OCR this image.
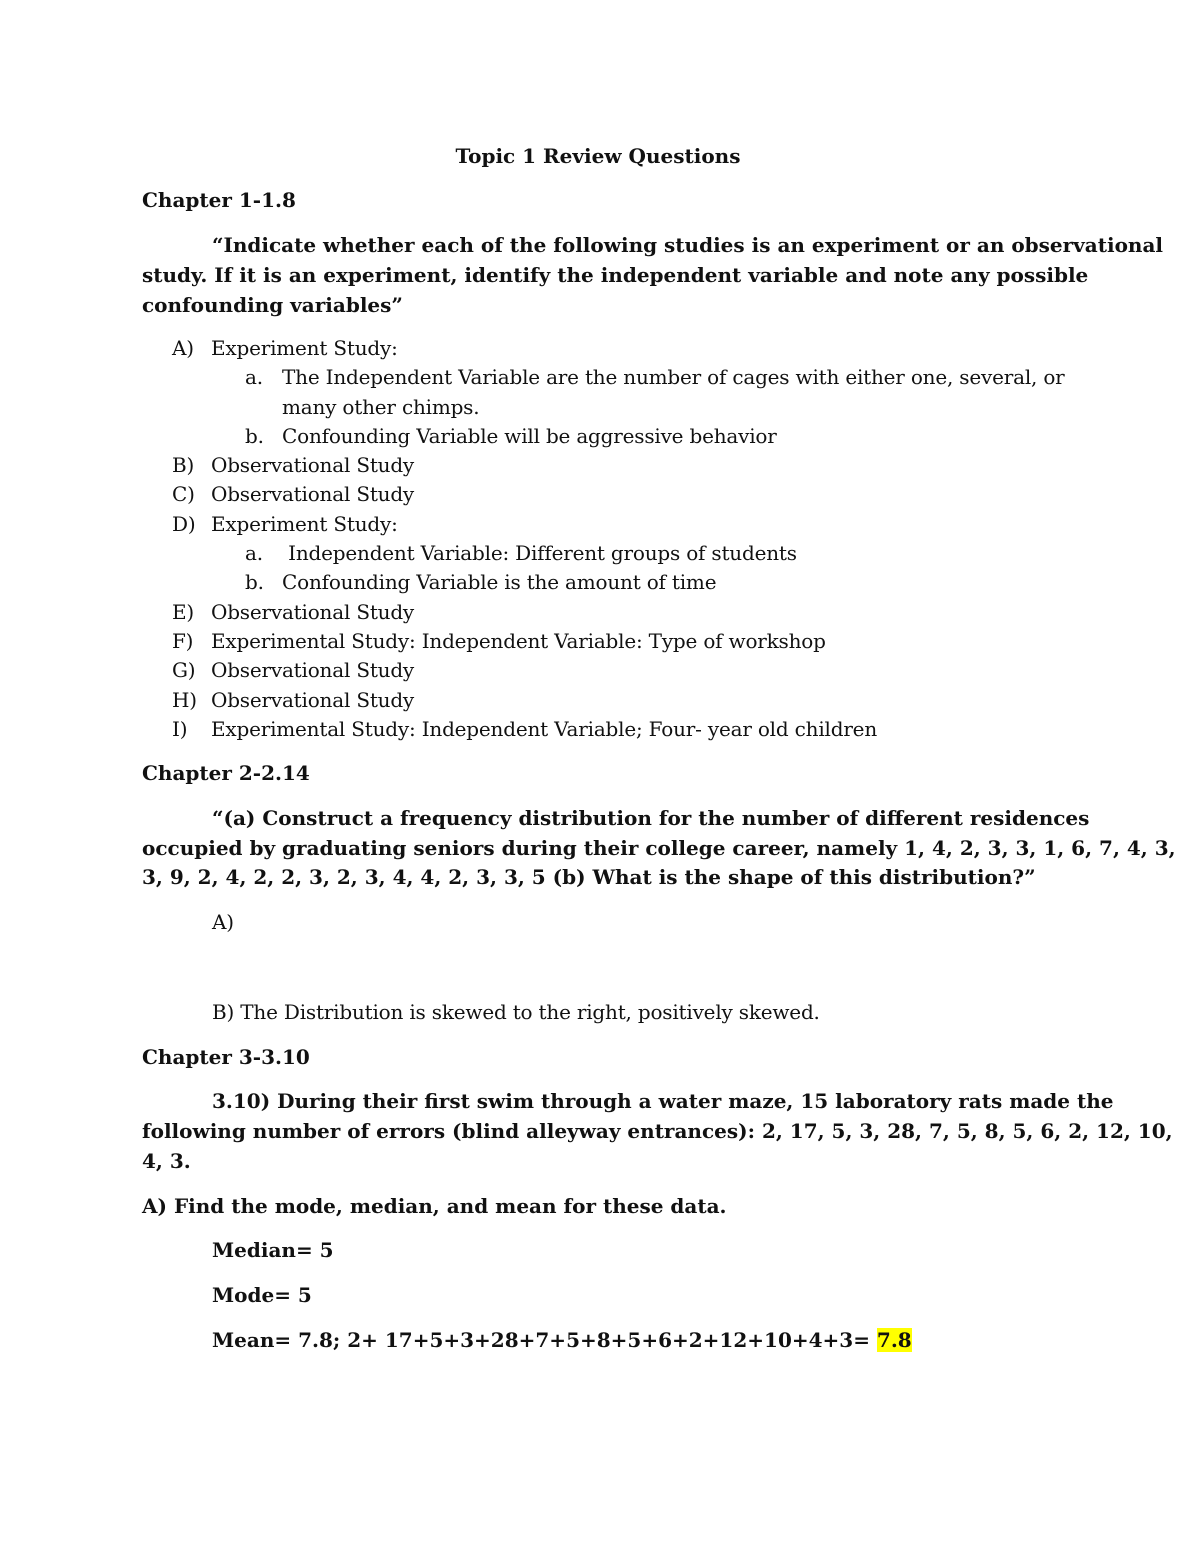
Topic 1 Review Questions
Chapter 1-1.8
“Indicate whether each of the following studies is an experiment or an observational
study. If it is an experiment, identify the independent variable and note any possible
confounding variables”
A) Experiment Study:
a. The Independent Variable are the number of cages with either one, several, or
many other chimps.
b. Confounding Variable will be aggressive behavior
B) Observational Study
C) Observational Study
D) Experiment Study:
a. Independent Variable: Different groups of students
b. Confounding Variable is the amount of time
E) Observational Study
F) Experimental Study: Independent Variable: Type of workshop
G) Observational Study
H) Observational Study
I) Experimental Study: Independent Variable; Four- year old children
Chapter 2-2.14
“(a) Construct a frequency distribution for the number of different residences
occupied by graduating seniors during their college career, namely 1, 4, 2, 3, 3, 1, 6, 7, 4, 3,
3, 9, 2, 4, 2, 2, 3, 2, 3, 4, 4, 2, 3, 3, 5 (b) What is the shape of this distribution?”
A)
B) The Distribution is skewed to the right, positively skewed.
Chapter 3-3.10
3.10) During their first swim through a water maze, 15 laboratory rats made the
following number of errors (blind alleyway entrances): 2, 17, 5, 3, 28, 7, 5, 8, 5, 6, 2, 12, 10,
4, 3.
A) Find the mode, median, and mean for these data.
Median= 5
Mode= 5
Mean= 7.8; 2+ 17+5+3+28+7+5+8+5+6+2+12+10+4+3= 7.8
